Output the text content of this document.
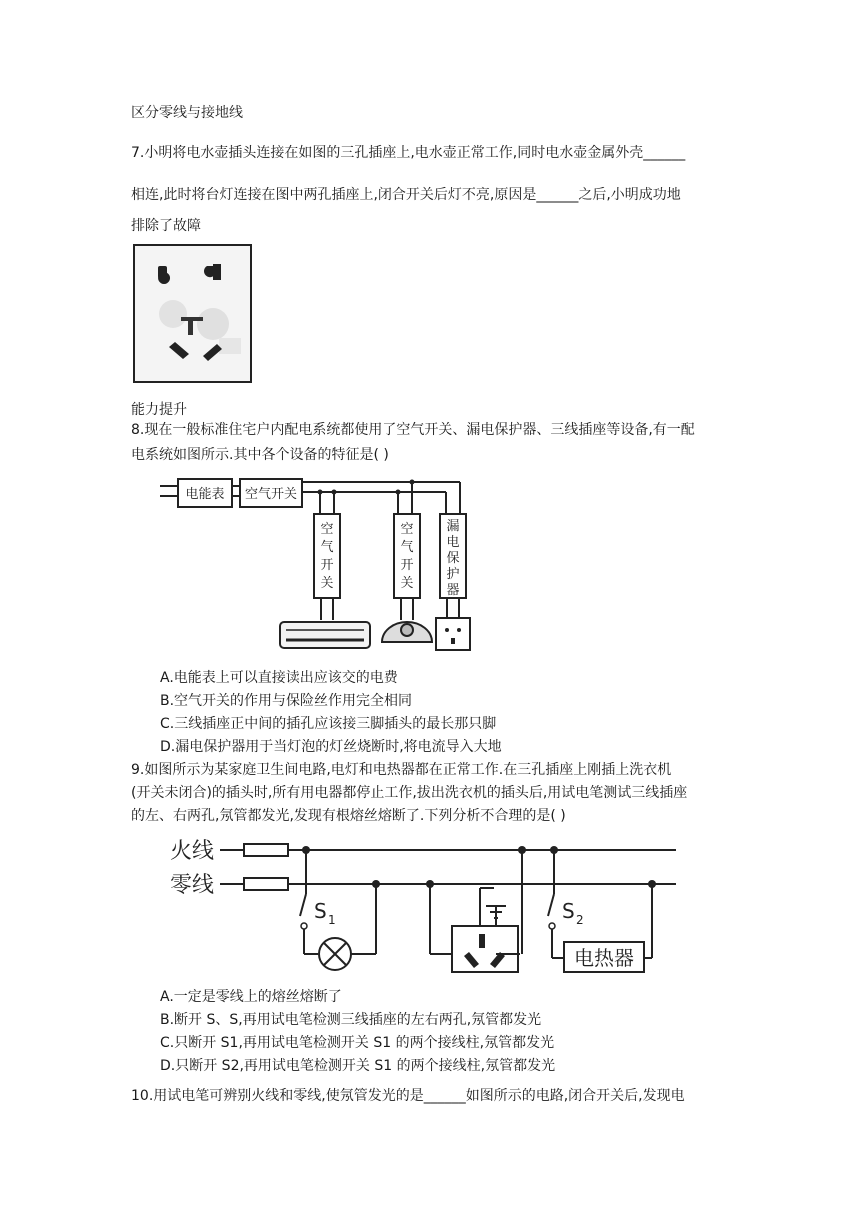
区分零线与接地线
7.小明将电水壶插头连接在如图的三孔插座上,电水壶正常工作,同时电水壶金属外壳______
相连,此时将台灯连接在图中两孔插座上,闭合开关后灯不亮,原因是______之后,小明成功地
排除了故障
能力提升
8.现在一般标准住宅户内配电系统都使用了空气开关、漏电保护器、三线插座等设备,有一配
电系统如图所示.其中各个设备的特征是( )
电能表 空气开关
空
气
开
关
空
气
开
关
漏
电
保
护
器
A.电能表上可以直接读出应该交的电费
B.空气开关的作用与保险丝作用完全相同
C.三线插座正中间的插孔应该接三脚插头的最长那只脚
D.漏电保护器用于当灯泡的灯丝烧断时,将电流导入大地
9.如图所示为某家庭卫生间电路,电灯和电热器都在正常工作.在三孔插座上刚插上洗衣机
(开关未闭合)的插头时,所有用电器都停止工作,拔出洗衣机的插头后,用试电笔测试三线插座
的左、右两孔,氖管都发光,发现有根熔丝熔断了.下列分析不合理的是( )
火线
零线
S 1	S 2
电热器
A.一定是零线上的熔丝熔断了
B.断开 S、S,再用试电笔检测三线插座的左右两孔,氖管都发光
C.只断开 S1,再用试电笔检测开关 S1 的两个接线柱,氖管都发光
D.只断开 S2,再用试电笔检测开关 S1 的两个接线柱,氖管都发光
10.用试电笔可辨别火线和零线,使氖管发光的是______如图所示的电路,闭合开关后,发现电
